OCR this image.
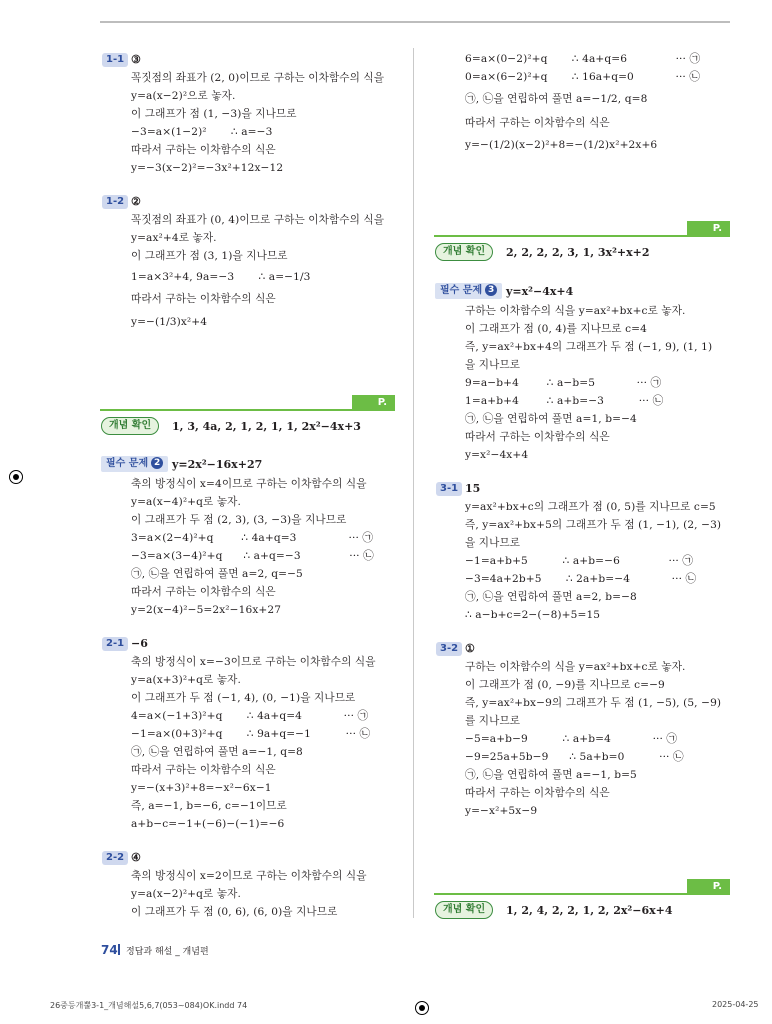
1-1 ③
꼭짓점의 좌표가 (2, 0)이므로 구하는 이차함수의 식을
y=a(x−2)²으로 놓자.
이 그래프가 점 (1, −3)을 지나므로
−3=a×(1−2)²       ∴ a=−3
따라서 구하는 이차함수의 식은
y=−3(x−2)²=−3x²+12x−12
1-2 ②
꼭짓점의 좌표가 (0, 4)이므로 구하는 이차함수의 식을
y=ax²+4로 놓자.
이 그래프가 점 (3, 1)을 지나므로
1=a×3²+4, 9a=−3       ∴ a=−1/3
따라서 구하는 이차함수의 식은
y=−(1/3)x²+4
P. 160
개념 확인	1, 3, 4a, 2, 1, 2, 1, 1, 2x²−4x+3
필수 문제 2	y=2x²−16x+27
축의 방정식이 x=4이므로 구하는 이차함수의 식을
y=a(x−4)²+q로 놓자.
이 그래프가 두 점 (2, 3), (3, −3)을 지나므로
3=a×(2−4)²+q        ∴ 4a+q=3               ··· ㉠
−3=a×(3−4)²+q      ∴ a+q=−3              ··· ㉡
㉠, ㉡을 연립하여 풀면 a=2, q=−5
따라서 구하는 이차함수의 식은
y=2(x−4)²−5=2x²−16x+27
2-1 −6
축의 방정식이 x=−3이므로 구하는 이차함수의 식을
y=a(x+3)²+q로 놓자.
이 그래프가 두 점 (−1, 4), (0, −1)을 지나므로
4=a×(−1+3)²+q       ∴ 4a+q=4            ··· ㉠
−1=a×(0+3)²+q       ∴ 9a+q=−1          ··· ㉡
㉠, ㉡을 연립하여 풀면 a=−1, q=8
따라서 구하는 이차함수의 식은
y=−(x+3)²+8=−x²−6x−1
즉, a=−1, b=−6, c=−1이므로
a+b−c=−1+(−6)−(−1)=−6
2-2 ④
축의 방정식이 x=2이므로 구하는 이차함수의 식을
y=a(x−2)²+q로 놓자.
이 그래프가 두 점 (0, 6), (6, 0)을 지나므로
6=a×(0−2)²+q       ∴ 4a+q=6              ··· ㉠
0=a×(6−2)²+q       ∴ 16a+q=0            ··· ㉡
㉠, ㉡을 연립하여 풀면 a=−1/2, q=8
따라서 구하는 이차함수의 식은
y=−(1/2)(x−2)²+8=−(1/2)x²+2x+6
P. 161
개념 확인	2, 2, 2, 2, 3, 1, 3x²+x+2
필수 문제 3	y=x²−4x+4
구하는 이차함수의 식을 y=ax²+bx+c로 놓자.
이 그래프가 점 (0, 4)를 지나므로 c=4
즉, y=ax²+bx+4의 그래프가 두 점 (−1, 9), (1, 1)
을 지나므로
9=a−b+4        ∴ a−b=5            ··· ㉠
1=a+b+4        ∴ a+b=−3          ··· ㉡
㉠, ㉡을 연립하여 풀면 a=1, b=−4
따라서 구하는 이차함수의 식은
y=x²−4x+4
3-1 15
y=ax²+bx+c의 그래프가 점 (0, 5)를 지나므로 c=5
즉, y=ax²+bx+5의 그래프가 두 점 (1, −1), (2, −3)
을 지나므로
−1=a+b+5          ∴ a+b=−6              ··· ㉠
−3=4a+2b+5       ∴ 2a+b=−4            ··· ㉡
㉠, ㉡을 연립하여 풀면 a=2, b=−8
∴ a−b+c=2−(−8)+5=15
3-2 ①
구하는 이차함수의 식을 y=ax²+bx+c로 놓자.
이 그래프가 점 (0, −9)를 지나므로 c=−9
즉, y=ax²+bx−9의 그래프가 두 점 (1, −5), (5, −9)
를 지나므로
−5=a+b−9          ∴ a+b=4            ··· ㉠
−9=25a+5b−9      ∴ 5a+b=0          ··· ㉡
㉠, ㉡을 연립하여 풀면 a=−1, b=5
따라서 구하는 이차함수의 식은
y=−x²+5x−9
P. 162
개념 확인	1, 2, 4, 2, 2, 1, 2, 2x²−6x+4
74 정답과 해설 _ 개념편
26중등개뿔3-1_개념해설5,6,7(053~084)OK.indd 74	2025-04-25
